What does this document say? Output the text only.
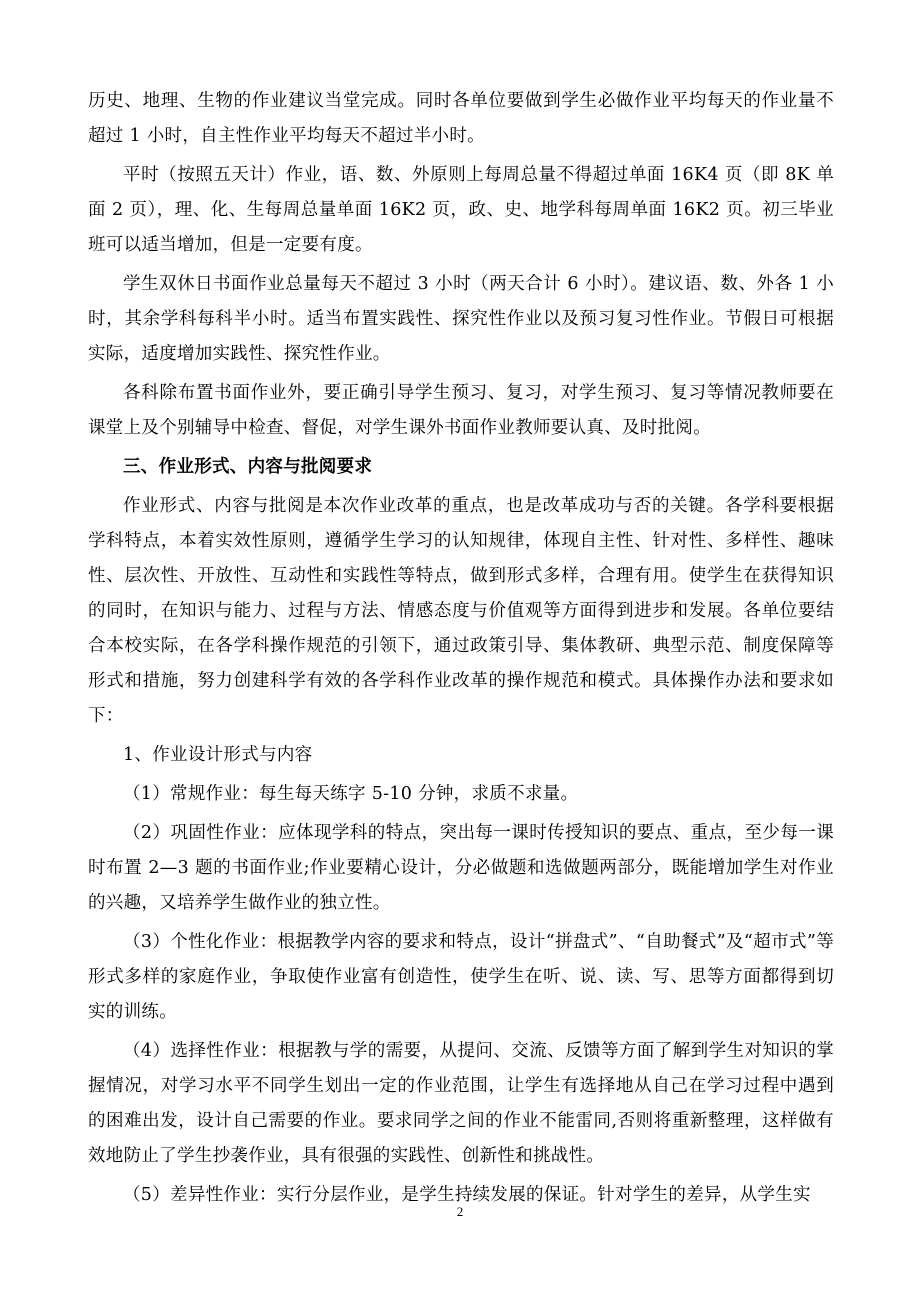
历史、地理、生物的作业建议当堂完成。同时各单位要做到学生必做作业平均每天的作业量不超过 1 小时，自主性作业平均每天不超过半小时。

平时（按照五天计）作业，语、数、外原则上每周总量不得超过单面 16K4 页（即 8K 单面 2 页），理、化、生每周总量单面 16K2 页，政、史、地学科每周单面 16K2 页。初三毕业班可以适当增加，但是一定要有度。

学生双休日书面作业总量每天不超过 3 小时（两天合计 6 小时）。建议语、数、外各 1 小时，其余学科每科半小时。适当布置实践性、探究性作业以及预习复习性作业。节假日可根据实际，适度增加实践性、探究性作业。

各科除布置书面作业外，要正确引导学生预习、复习，对学生预习、复习等情况教师要在课堂上及个别辅导中检查、督促，对学生课外书面作业教师要认真、及时批阅。

三、作业形式、内容与批阅要求

作业形式、内容与批阅是本次作业改革的重点，也是改革成功与否的关键。各学科要根据学科特点，本着实效性原则，遵循学生学习的认知规律，体现自主性、针对性、多样性、趣味性、层次性、开放性、互动性和实践性等特点，做到形式多样，合理有用。使学生在获得知识的同时，在知识与能力、过程与方法、情感态度与价值观等方面得到进步和发展。各单位要结合本校实际，在各学科操作规范的引领下，通过政策引导、集体教研、典型示范、制度保障等形式和措施，努力创建科学有效的各学科作业改革的操作规范和模式。具体操作办法和要求如下：

1、作业设计形式与内容

（1）常规作业：每生每天练字 5-10 分钟，求质不求量。

（2）巩固性作业：应体现学科的特点，突出每一课时传授知识的要点、重点，至少每一课时布置 2—3 题的书面作业;作业要精心设计，分必做题和选做题两部分，既能增加学生对作业的兴趣，又培养学生做作业的独立性。

（3）个性化作业：根据教学内容的要求和特点，设计“拼盘式”、“自助餐式”及“超市式”等形式多样的家庭作业，争取使作业富有创造性，使学生在听、说、读、写、思等方面都得到切实的训练。

（4）选择性作业：根据教与学的需要，从提问、交流、反馈等方面了解到学生对知识的掌握情况，对学习水平不同学生划出一定的作业范围，让学生有选择地从自己在学习过程中遇到的困难出发，设计自己需要的作业。要求同学之间的作业不能雷同,否则将重新整理，这样做有效地防止了学生抄袭作业，具有很强的实践性、创新性和挑战性。

（5）差异性作业：实行分层作业，是学生持续发展的保证。针对学生的差异，从学生实

2
